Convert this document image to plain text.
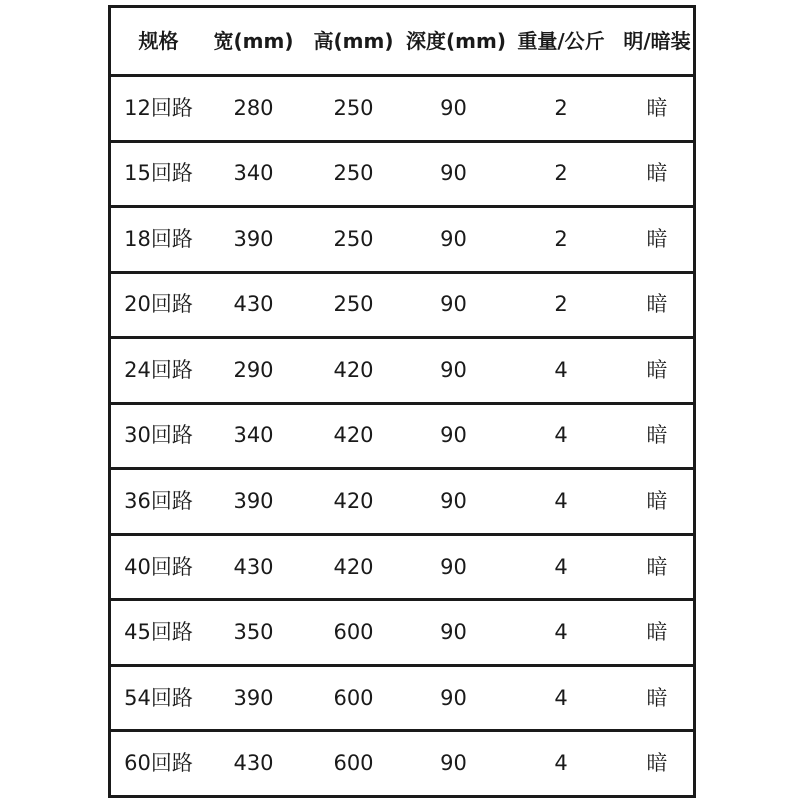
规格	宽(mm)	高(mm) 深度(mm) 重量/公斤 明/暗装
12回路	280	250	90	2	暗
15回路	340	250	90	2	暗
18回路	390	250	90	2	暗
20回路	430	250	90	2	暗
24回路	290	420	90	4	暗
30回路	340	420	90	4	暗
36回路	390	420	90	4	暗
40回路	430	420	90	4	暗
45回路	350	600	90	4	暗
54回路	390	600	90	4	暗
60回路	430	600	90	4	暗
